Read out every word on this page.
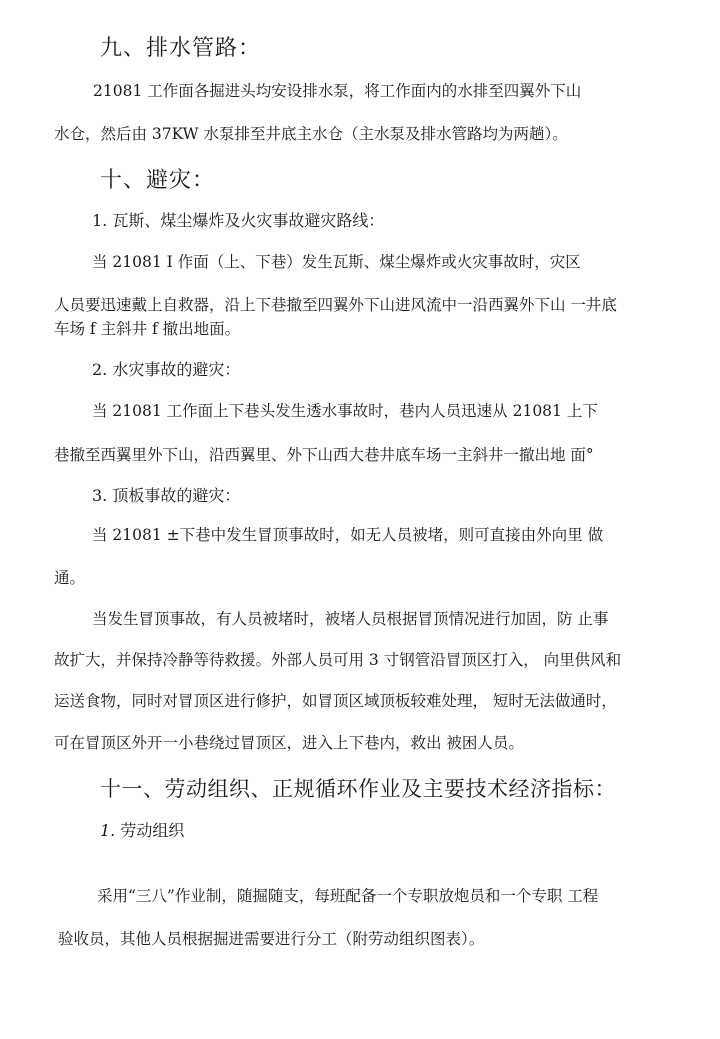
九、排水管路：
21081 工作面各掘进头均安设排水泵，将工作面内的水排至四翼外下山
水仓，然后由 37KW 水泵排至井底主水仓（主水泵及排水管路均为两趟）。
十、避灾：
1. 瓦斯、煤尘爆炸及火灾事故避灾路线：
当 21081 I 作面（上、下巷）发生瓦斯、煤尘爆炸或火灾事故时，灾区
人员要迅速戴上自救器，沿上下巷撤至四翼外下山进风流中一沿西翼外下山 一井底
车场 f 主斜井 f 撤出地面。
2. 水灾事故的避灾：
当 21081 工作面上下巷头发生透水事故时，巷内人员迅速从 21081 上下
巷撤至西翼里外下山，沿西翼里、外下山西大巷井底车场一主斜井一撤出地 面°
3. 顶板事故的避灾：
当 21081 ±下巷中发生冒顶事故时，如无人员被堵，则可直接由外向里 做
通。
当发生冒顶事故，有人员被堵时，被堵人员根据冒顶情况进行加固，防 止事
故扩大，并保持冷静等待救援。外部人员可用 3 寸钢管沿冒顶区打入， 向里供风和
运送食物，同时对冒顶区进行修护，如冒顶区域顶板较难处理， 短时无法做通时，
可在冒顶区外开一小巷绕过冒顶区，进入上下巷内，救出 被困人员。
十一、劳动组织、正规循环作业及主要技术经济指标：
1. 劳动组织
采用“三八”作业制，随掘随支，每班配备一个专职放炮员和一个专职 工程
验收员，其他人员根据掘进需要进行分工（附劳动组织图表）。
